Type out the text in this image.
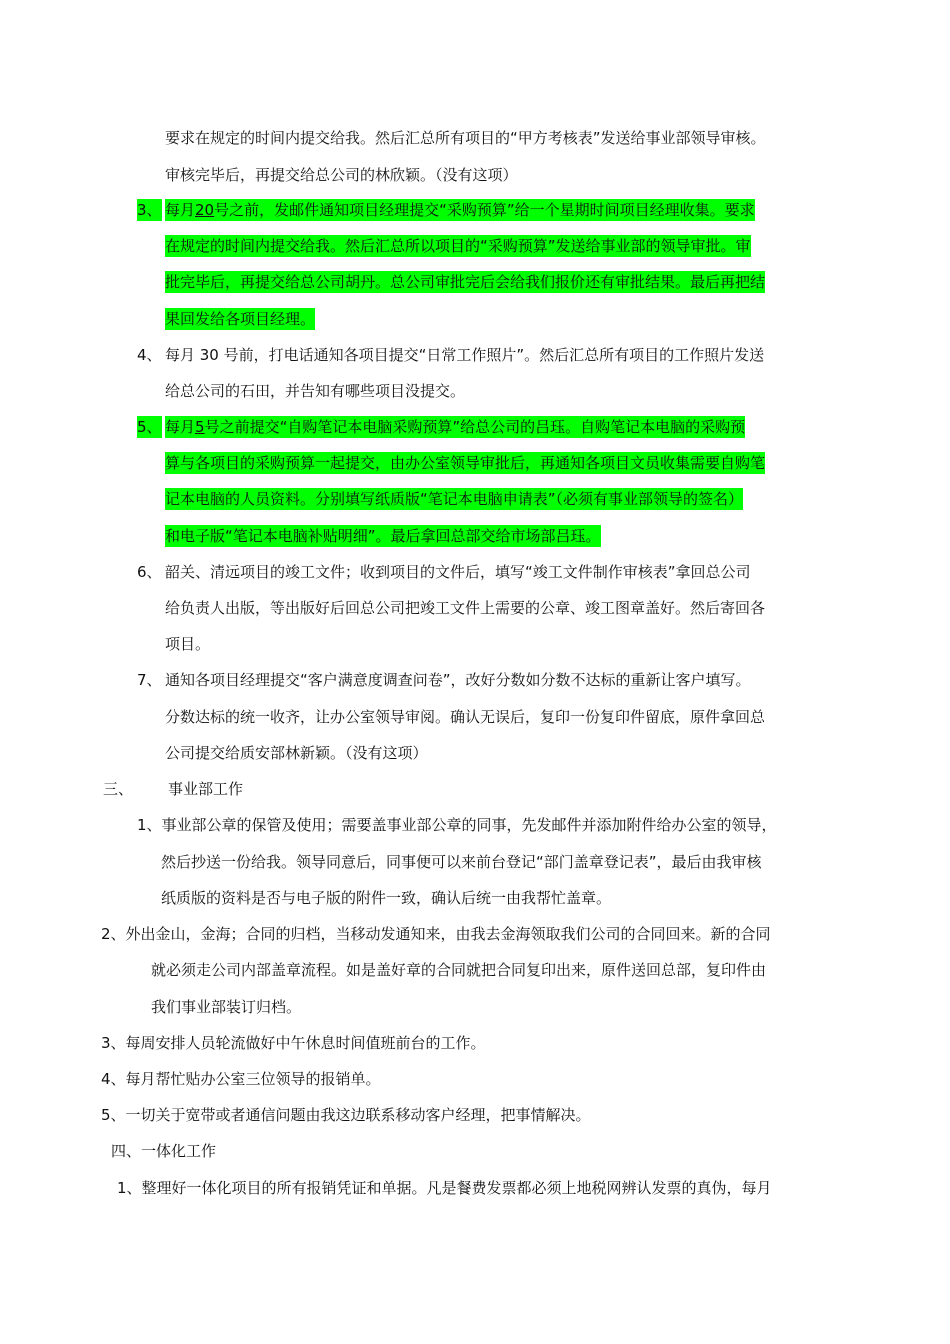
要求在规定的时间内提交给我。然后汇总所有项目的“甲方考核表”发送给事业部领导审核。
审核完毕后，再提交给总公司的林欣颖。（没有这项）
3、 每月20号之前，发邮件通知项目经理提交“采购预算”给一个星期时间项目经理收集。要求
在规定的时间内提交给我。然后汇总所以项目的“采购预算”发送给事业部的领导审批。审
批完毕后，再提交给总公司胡丹。总公司审批完后会给我们报价还有审批结果。最后再把结
果回发给各项目经理。
4、 每月 30 号前，打电话通知各项目提交“日常工作照片”。然后汇总所有项目的工作照片发送
给总公司的石田，并告知有哪些项目没提交。
5、 每月5号之前提交“自购笔记本电脑采购预算”给总公司的吕珏。自购笔记本电脑的采购预
算与各项目的采购预算一起提交，由办公室领导审批后，再通知各项目文员收集需要自购笔
记本电脑的人员资料。分别填写纸质版“笔记本电脑申请表”（必须有事业部领导的签名）
和电子版“笔记本电脑补贴明细”。最后拿回总部交给市场部吕珏。
6、 韶关、清远项目的竣工文件；收到项目的文件后，填写“竣工文件制作审核表”拿回总公司
给负责人出版，等出版好后回总公司把竣工文件上需要的公章、竣工图章盖好。然后寄回各
项目。
7、 通知各项目经理提交“客户满意度调查问卷”，改好分数如分数不达标的重新让客户填写。
分数达标的统一收齐，让办公室领导审阅。确认无误后，复印一份复印件留底，原件拿回总
公司提交给质安部林新颖。（没有这项）
三、 事业部工作
1、事业部公章的保管及使用；需要盖事业部公章的同事，先发邮件并添加附件给办公室的领导，
然后抄送一份给我。领导同意后，同事便可以来前台登记“部门盖章登记表”，最后由我审核
纸质版的资料是否与电子版的附件一致，确认后统一由我帮忙盖章。
2、外出金山，金海；合同的归档，当移动发通知来，由我去金海领取我们公司的合同回来。新的合同
就必须走公司内部盖章流程。如是盖好章的合同就把合同复印出来，原件送回总部，复印件由
我们事业部装订归档。
3、每周安排人员轮流做好中午休息时间值班前台的工作。
4、每月帮忙贴办公室三位领导的报销单。
5、一切关于宽带或者通信问题由我这边联系移动客户经理，把事情解决。
四、一体化工作
1、整理好一体化项目的所有报销凭证和单据。凡是餐费发票都必须上地税网辨认发票的真伪，每月
